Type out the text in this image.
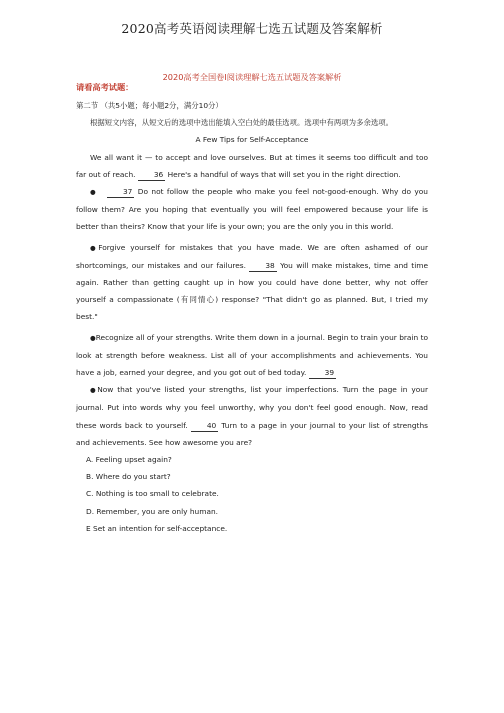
2020高考英语阅读理解七选五试题及答案解析
2020高考全国卷Ⅰ阅读理解七选五试题及答案解析
请看高考试题：

第二节 （共5小题；每小题2分，满分10分）

根据短文内容，从短文后的选项中选出能填入空白处的最佳选项。选项中有两项为多余选项。

A Few Tips for Self-Acceptance

We all want it — to accept and love ourselves. But at times it seems too difficult and too far out of reach. 36 Here's a handful of ways that will set you in the right direction.

●	37 Do not follow the people who make you feel not-good-enough. Why do you follow them? Are you hoping that eventually you will feel empowered because your life is better than theirs? Know that your life is your own; you are the only you in this world.

●Forgive yourself for mistakes that you have made. We are often ashamed of our shortcomings, our mistakes and our failures. 38 You will make mistakes, time and time again. Rather than getting caught up in how you could have done better, why not offer yourself a compassionate (有同情心) response? "That didn't go as planned. But, I tried my best."

●Recognize all of your strengths. Write them down in a journal. Begin to train your brain to look at strength before weakness. List all of your accomplishments and achievements. You have a job, earned your degree, and you got out of bed today. 39

●Now that you've listed your strengths, list your imperfections. Turn the page in your journal. Put into words why you feel unworthy, why you don't feel good enough. Now, read these words back to yourself. 40 Turn to a page in your journal to your list of strengths and achievements. See how awesome you are?

A. Feeling upset again?

B. Where do you start?

C. Nothing is too small to celebrate.

D. Remember, you are only human.

E Set an intention for self-acceptance.
